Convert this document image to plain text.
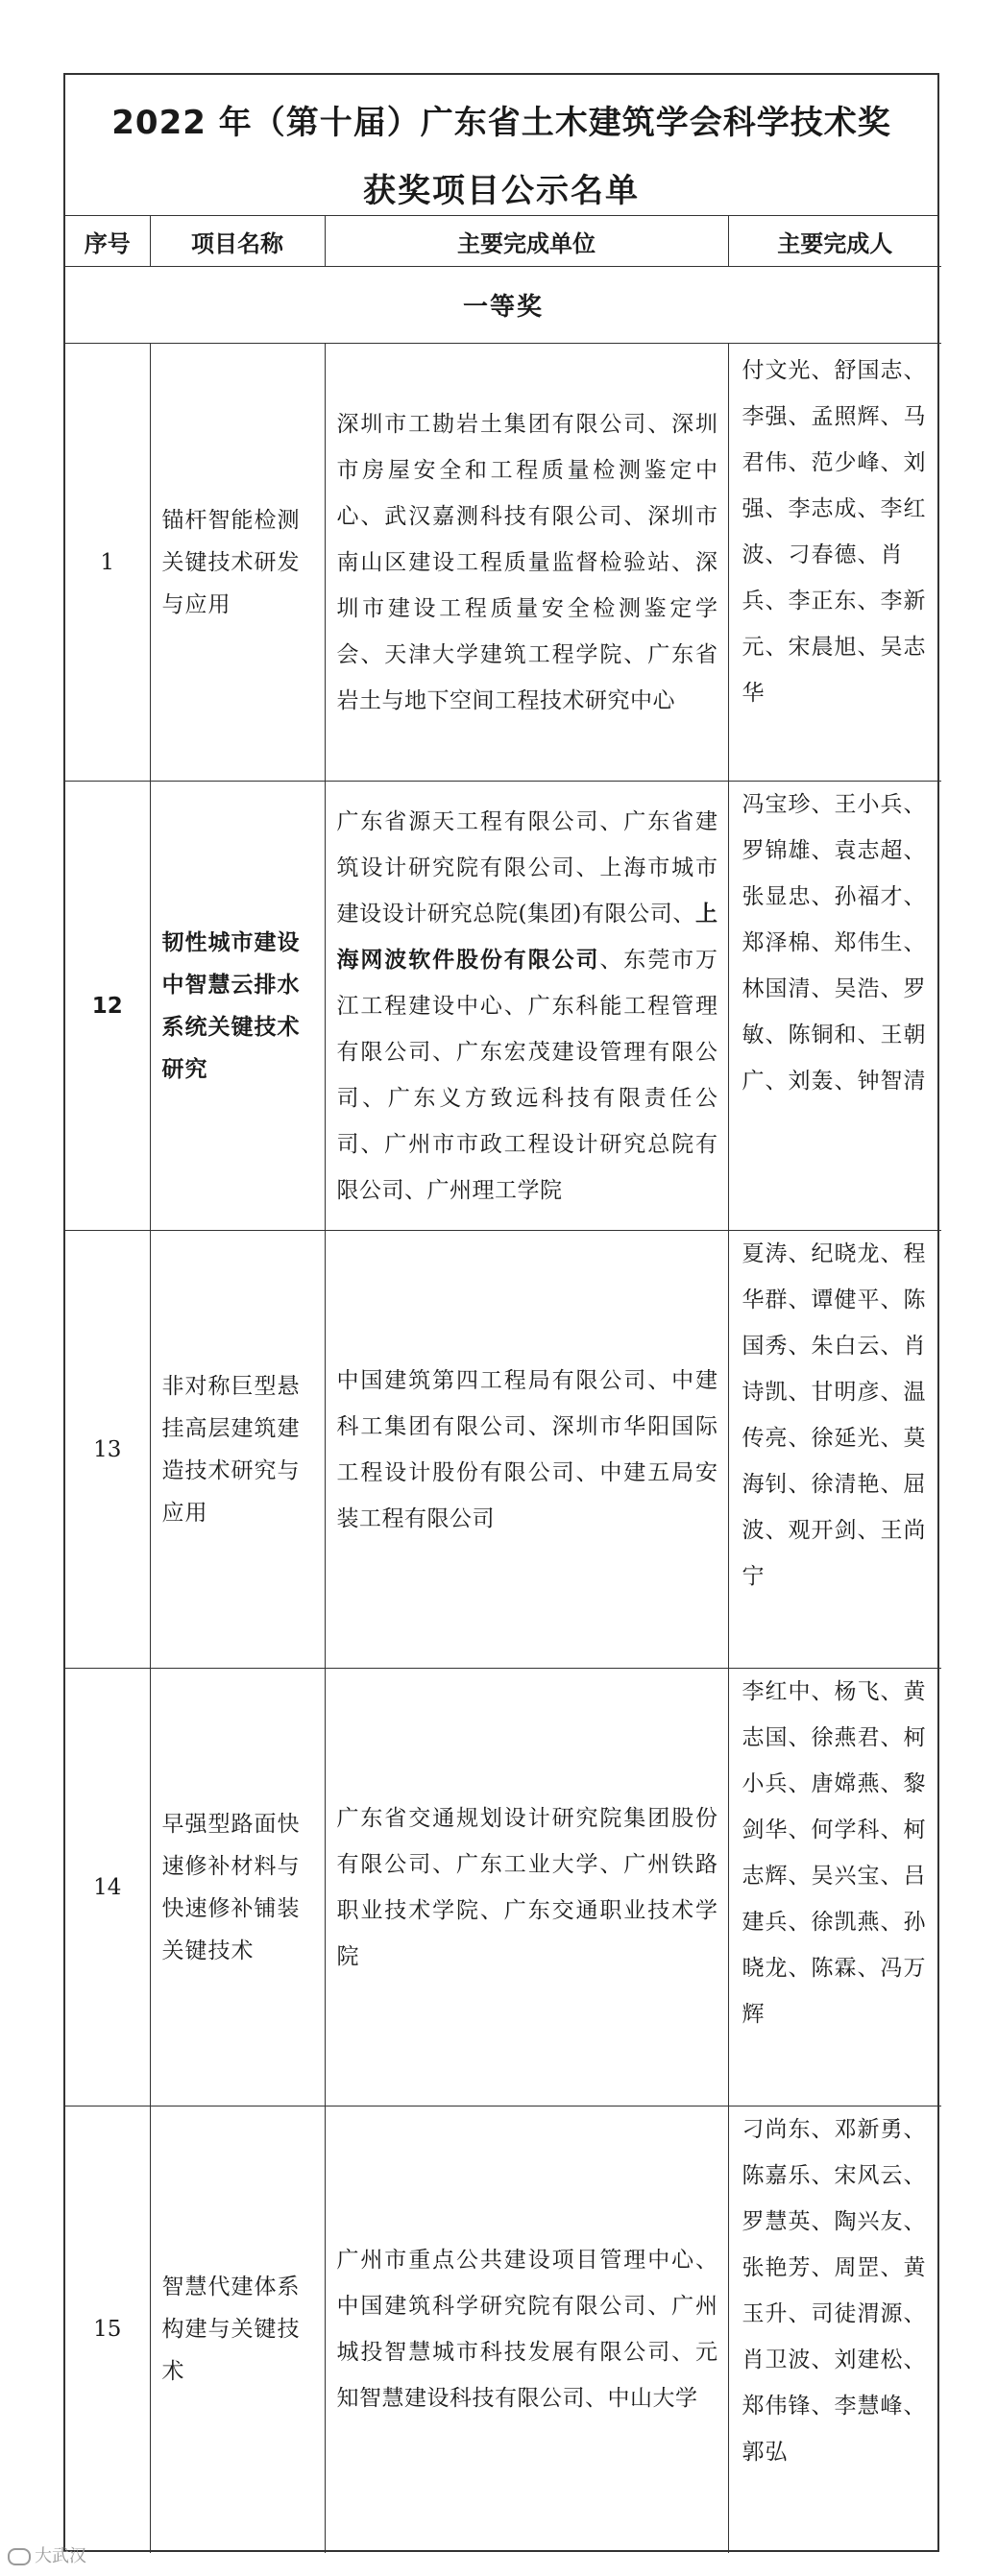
2022 年（第十届）广东省土木建筑学会科学技术奖
获奖项目公示名单
序号	项目名称	主要完成单位	主要完成人
一等奖			
1	锚杆智能检测关键技术研发与应用	深圳市工勘岩土集团有限公司、深圳市房屋安全和工程质量检测鉴定中心、武汉嘉测科技有限公司、深圳市南山区建设工程质量监督检验站、深圳市建设工程质量安全检测鉴定学会、天津大学建筑工程学院、广东省岩土与地下空间工程技术研究中心	付文光、舒国志、李强、孟照辉、马君伟、范少峰、刘强、李志成、李红波、刁春德、肖兵、李正东、李新元、宋晨旭、吴志华
12	韧性城市建设中智慧云排水系统关键技术研究	广东省源天工程有限公司、广东省建筑设计研究院有限公司、上海市城市建设设计研究总院(集团)有限公司、上海网波软件股份有限公司、东莞市万江工程建设中心、广东科能工程管理有限公司、广东宏茂建设管理有限公司、广东义方致远科技有限责任公司、广州市市政工程设计研究总院有限公司、广州理工学院	冯宝珍、王小兵、罗锦雄、袁志超、张显忠、孙福才、郑泽棉、郑伟生、林国清、吴浩、罗敏、陈铜和、王朝广、刘轰、钟智清
13	非对称巨型悬挂高层建筑建造技术研究与应用	中国建筑第四工程局有限公司、中建科工集团有限公司、深圳市华阳国际工程设计股份有限公司、中建五局安装工程有限公司	夏涛、纪晓龙、程华群、谭健平、陈国秀、朱白云、肖诗凯、甘明彦、温传亮、徐延光、莫海钊、徐清艳、屈波、观开剑、王尚宁
14	早强型路面快速修补材料与快速修补铺装关键技术	广东省交通规划设计研究院集团股份有限公司、广东工业大学、广州铁路职业技术学院、广东交通职业技术学院	李红中、杨飞、黄志国、徐燕君、柯小兵、唐嫦燕、黎剑华、何学科、柯志辉、吴兴宝、吕建兵、徐凯燕、孙晓龙、陈霖、冯万辉
15	智慧代建体系构建与关键技术	广州市重点公共建设项目管理中心、中国建筑科学研究院有限公司、广州城投智慧城市科技发展有限公司、元知智慧建设科技有限公司、中山大学	刁尚东、邓新勇、陈嘉乐、宋风云、罗慧英、陶兴友、张艳芳、周罡、黄玉升、司徒渭源、肖卫波、刘建松、郑伟锋、李慧峰、郭弘
大武汉
